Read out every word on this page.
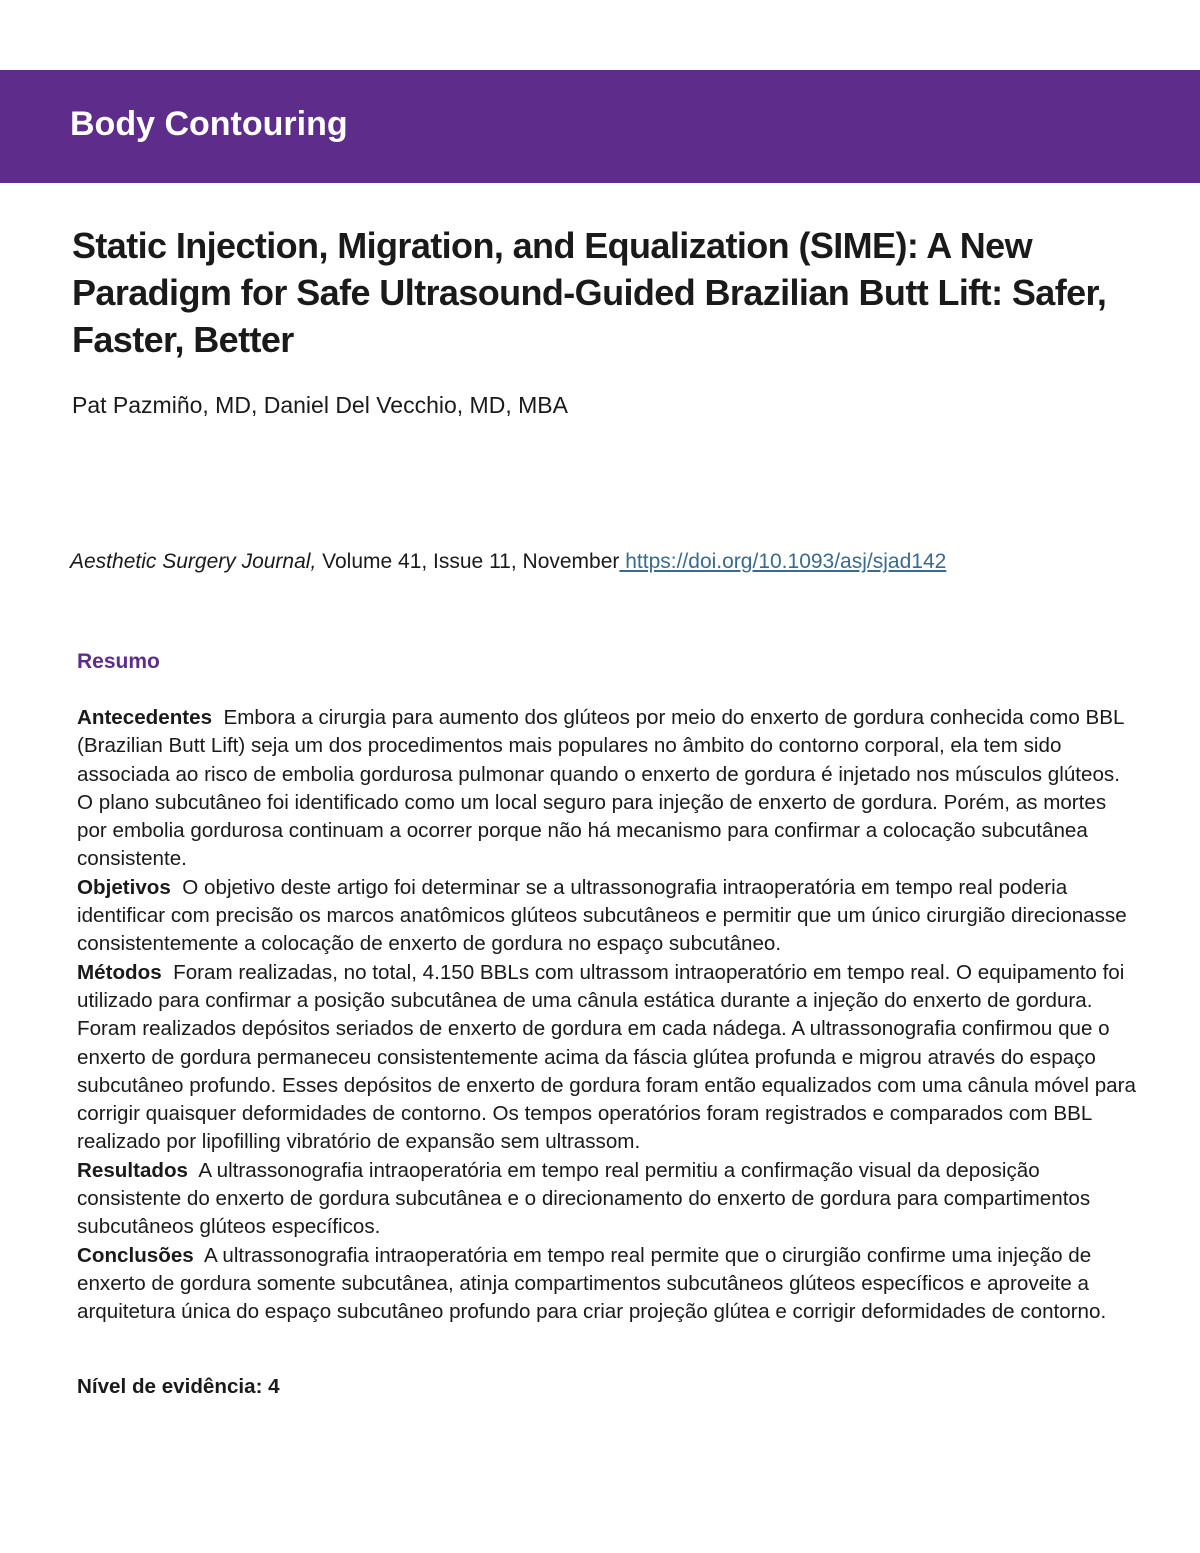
Body Contouring
Static Injection, Migration, and Equalization (SIME): A New Paradigm for Safe Ultrasound-Guided Brazilian Butt Lift: Safer, Faster, Better
Pat Pazmiño, MD, Daniel Del Vecchio, MD, MBA
Aesthetic Surgery Journal, Volume 41, Issue 11, November https://doi.org/10.1093/asj/sjad142
Resumo

Antecedentes Embora a cirurgia para aumento dos glúteos por meio do enxerto de gordura conhecida como BBL (Brazilian Butt Lift) seja um dos procedimentos mais populares no âmbito do contorno corporal, ela tem sido associada ao risco de embolia gordurosa pulmonar quando o enxerto de gordura é injetado nos músculos glúteos. O plano subcutâneo foi identificado como um local seguro para injeção de enxerto de gordura. Porém, as mortes por embolia gordurosa continuam a ocorrer porque não há mecanismo para confirmar a colocação subcutânea consistente.

Objetivos O objetivo deste artigo foi determinar se a ultrassonografia intraoperatória em tempo real poderia identificar com precisão os marcos anatômicos glúteos subcutâneos e permitir que um único cirurgião direcionasse consistentemente a colocação de enxerto de gordura no espaço subcutâneo.

Métodos Foram realizadas, no total, 4.150 BBLs com ultrassom intraoperatório em tempo real. O equipamento foi utilizado para confirmar a posição subcutânea de uma cânula estática durante a injeção do enxerto de gordura. Foram realizados depósitos seriados de enxerto de gordura em cada nádega. A ultrassonografia confirmou que o enxerto de gordura permaneceu consistentemente acima da fáscia glútea profunda e migrou através do espaço subcutâneo profundo. Esses depósitos de enxerto de gordura foram então equalizados com uma cânula móvel para corrigir quaisquer deformidades de contorno. Os tempos operatórios foram registrados e comparados com BBL realizado por lipofilling vibratório de expansão sem ultrassom.

Resultados A ultrassonografia intraoperatória em tempo real permitiu a confirmação visual da deposição consistente do enxerto de gordura subcutânea e o direcionamento do enxerto de gordura para compartimentos subcutâneos glúteos específicos.

Conclusões A ultrassonografia intraoperatória em tempo real permite que o cirurgião confirme uma injeção de enxerto de gordura somente subcutânea, atinja compartimentos subcutâneos glúteos específicos e aproveite a arquitetura única do espaço subcutâneo profundo para criar projeção glútea e corrigir deformidades de contorno.

Nível de evidência: 4
